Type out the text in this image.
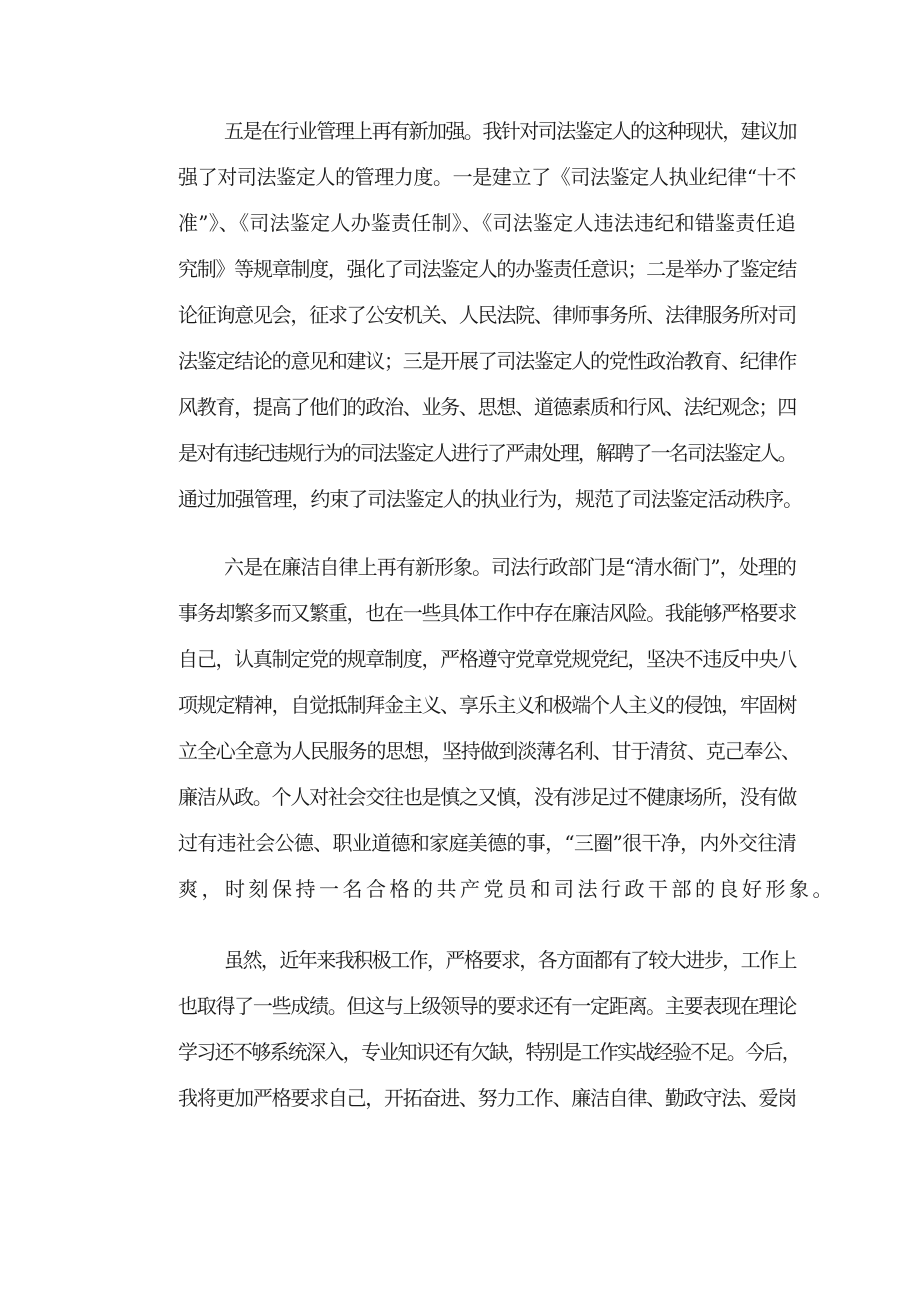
五是在行业管理上再有新加强。我针对司法鉴定人的这种现状，建议加
强了对司法鉴定人的管理力度。一是建立了《司法鉴定人执业纪律“十不
准”》、《司法鉴定人办鉴责任制》、《司法鉴定人违法违纪和错鉴责任追
究制》等规章制度，强化了司法鉴定人的办鉴责任意识；二是举办了鉴定结
论征询意见会，征求了公安机关、人民法院、律师事务所、法律服务所对司
法鉴定结论的意见和建议；三是开展了司法鉴定人的党性政治教育、纪律作
风教育，提高了他们的政治、业务、思想、道德素质和行风、法纪观念；四
是对有违纪违规行为的司法鉴定人进行了严肃处理，解聘了一名司法鉴定人。
通过加强管理，约束了司法鉴定人的执业行为，规范了司法鉴定活动秩序。
六是在廉洁自律上再有新形象。司法行政部门是“清水衙门”，处理的
事务却繁多而又繁重，也在一些具体工作中存在廉洁风险。我能够严格要求
自己，认真制定党的规章制度，严格遵守党章党规党纪，坚决不违反中央八
项规定精神，自觉抵制拜金主义、享乐主义和极端个人主义的侵蚀，牢固树
立全心全意为人民服务的思想，坚持做到淡薄名利、甘于清贫、克己奉公、
廉洁从政。个人对社会交往也是慎之又慎，没有涉足过不健康场所，没有做
过有违社会公德、职业道德和家庭美德的事，“三圈”很干净，内外交往清
爽，时刻保持一名合格的共产党员和司法行政干部的良好形象。
虽然，近年来我积极工作，严格要求，各方面都有了较大进步，工作上
也取得了一些成绩。但这与上级领导的要求还有一定距离。主要表现在理论
学习还不够系统深入，专业知识还有欠缺，特别是工作实战经验不足。今后，
我将更加严格要求自己，开拓奋进、努力工作、廉洁自律、勤政守法、爱岗
